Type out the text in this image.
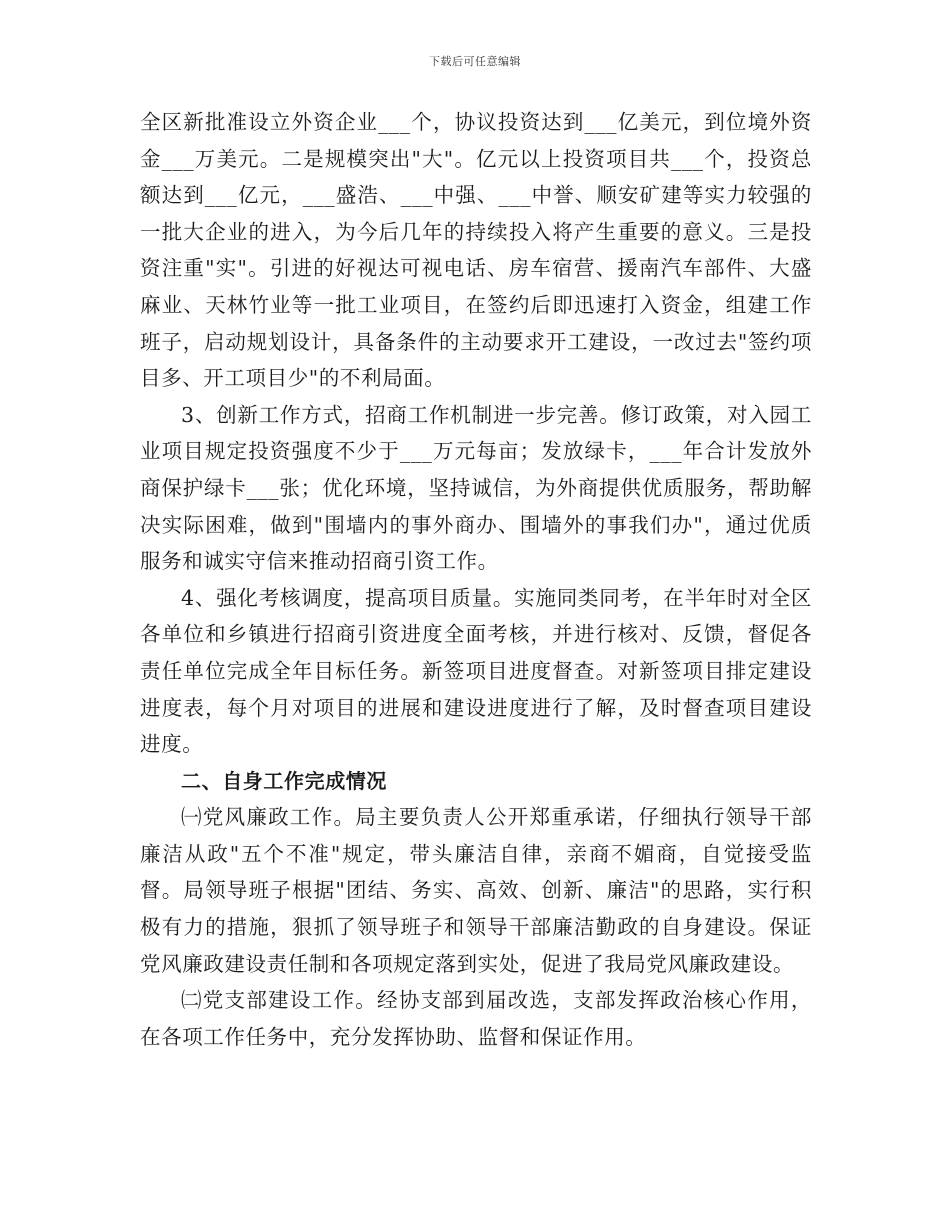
下载后可任意编辑

全区新批准设立外资企业___个，协议投资达到___亿美元，到位境外资金___万美元。二是规模突出"大"。亿元以上投资项目共___个，投资总额达到___亿元，___盛浩、___中强、___中誉、顺安矿建等实力较强的一批大企业的进入，为今后几年的持续投入将产生重要的意义。三是投资注重"实"。引进的好视达可视电话、房车宿营、援南汽车部件、大盛麻业、天林竹业等一批工业项目，在签约后即迅速打入资金，组建工作班子，启动规划设计，具备条件的主动要求开工建设，一改过去"签约项目多、开工项目少"的不利局面。

3、创新工作方式，招商工作机制进一步完善。修订政策，对入园工业项目规定投资强度不少于___万元每亩；发放绿卡，___年合计发放外商保护绿卡___张；优化环境，坚持诚信，为外商提供优质服务，帮助解决实际困难，做到"围墙内的事外商办、围墙外的事我们办"，通过优质服务和诚实守信来推动招商引资工作。

4、强化考核调度，提高项目质量。实施同类同考，在半年时对全区各单位和乡镇进行招商引资进度全面考核，并进行核对、反馈，督促各责任单位完成全年目标任务。新签项目进度督查。对新签项目排定建设进度表，每个月对项目的进展和建设进度进行了解，及时督查项目建设进度。

二、自身工作完成情况

㈠党风廉政工作。局主要负责人公开郑重承诺，仔细执行领导干部廉洁从政"五个不准"规定，带头廉洁自律，亲商不媚商，自觉接受监督。局领导班子根据"团结、务实、高效、创新、廉洁"的思路，实行积极有力的措施，狠抓了领导班子和领导干部廉洁勤政的自身建设。保证党风廉政建设责任制和各项规定落到实处，促进了我局党风廉政建设。

㈡党支部建设工作。经协支部到届改选，支部发挥政治核心作用，在各项工作任务中，充分发挥协助、监督和保证作用。
